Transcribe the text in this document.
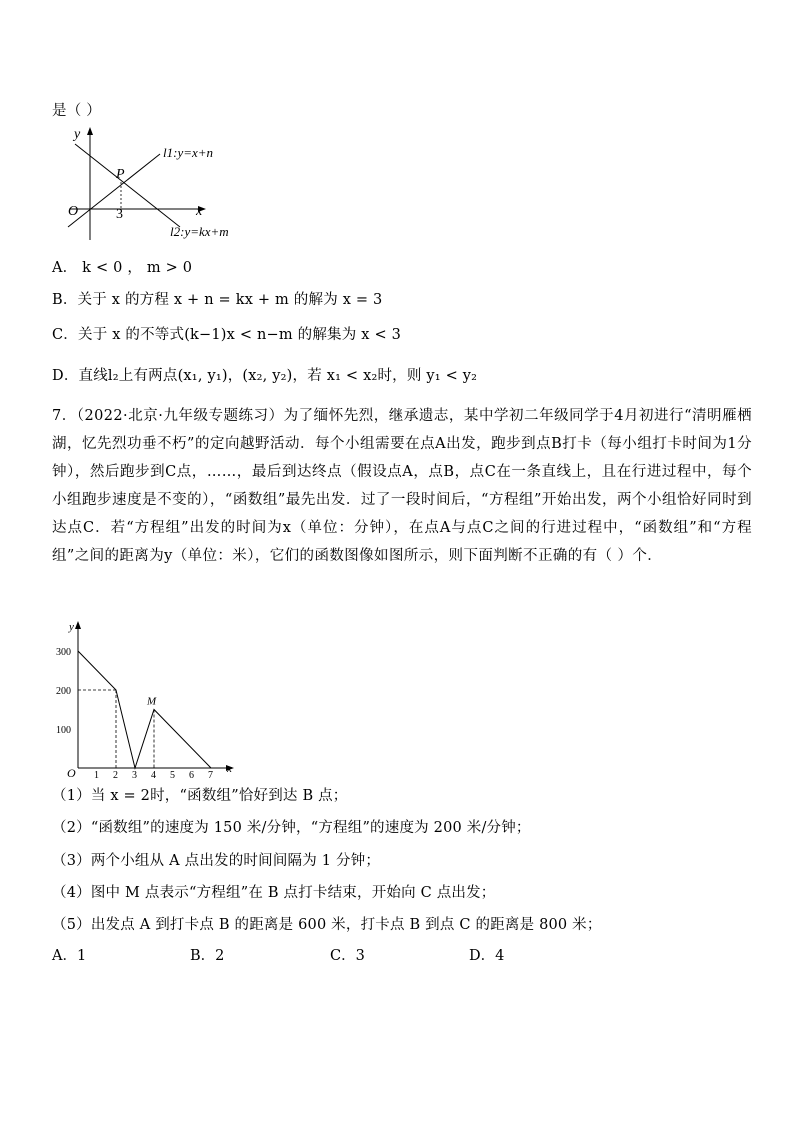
是（ ）
y
x
O
P
3
l1:y=x+n
l2:y=kx+m
A． k < 0 ， m > 0
B．关于 x 的方程 x + n = kx + m 的解为 x = 3
C．关于 x 的不等式(k−1)x < n−m 的解集为 x < 3
D．直线l₂上有两点(x₁, y₁)，(x₂, y₂)，若 x₁ < x₂时，则 y₁ < y₂
7．（2022·北京·九年级专题练习）为了缅怀先烈，继承遗志，某中学初二年级同学于4月初进行“清明雁栖湖，忆先烈功垂不朽”的定向越野活动．每个小组需要在点A出发，跑步到点B打卡（每小组打卡时间为1分钟），然后跑步到C点，……，最后到达终点（假设点A，点B，点C在一条直线上，且在行进过程中，每个小组跑步速度是不变的），“函数组”最先出发．过了一段时间后，“方程组”开始出发，两个小组恰好同时到达点C．若“方程组”出发的时间为x（单位：分钟），在点A与点C之间的行进过程中，“函数组”和“方程组”之间的距离为y（单位：米），它们的函数图像如图所示，则下面判断不正确的有（ ）个．
y
x
O 1 2 3 4 5 6 7
100
200
300
M
（1）当 x = 2时，“函数组”恰好到达 B 点；
（2）“函数组”的速度为 150 米/分钟，“方程组”的速度为 200 米/分钟；
（3）两个小组从 A 点出发的时间间隔为 1 分钟；
（4）图中 M 点表示“方程组”在 B 点打卡结束，开始向 C 点出发；
（5）出发点 A 到打卡点 B 的距离是 600 米，打卡点 B 到点 C 的距离是 800 米；
A．1	B．2	C．3	D．4
